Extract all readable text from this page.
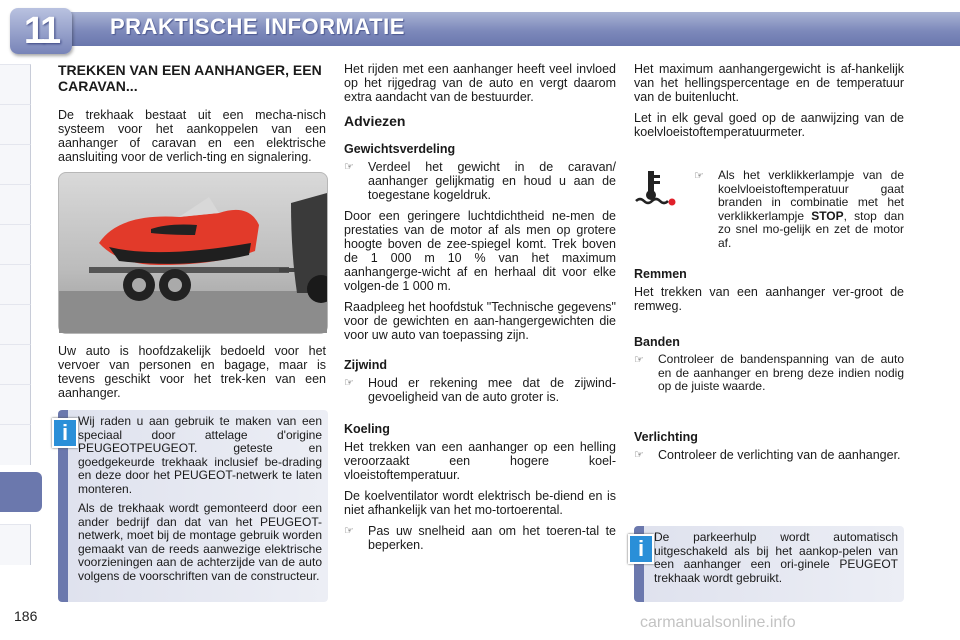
11	PRAKTISCHE INFORMATIE
186
TREKKEN VAN EEN AANHANGER, EEN CARAVAN...

De trekhaak bestaat uit een mecha-nisch systeem voor het aankoppelen van een aanhanger of caravan en een elektrische aansluiting voor de verlich-ting en signalering.

Uw auto is hoofdzakelijk bedoeld voor het vervoer van personen en bagage, maar is tevens geschikt voor het trek-ken van een aanhanger.

Wij raden u aan gebruik te maken van een speciaal door attelage d'origine PEUGEOTPEUGEOT. geteste en goedgekeurde trekhaak inclusief be-drading en deze door het PEUGEOT-netwerk te laten monteren.

Als de trekhaak wordt gemonteerd door een ander bedrijf dan dat van het PEUGEOT-netwerk, moet bij de montage gebruik worden gemaakt van de reeds aanwezige elektrische voorzieningen aan de achterzijde van de auto volgens de voorschriften van de constructeur.

i

Het rijden met een aanhanger heeft veel invloed op het rijgedrag van de auto en vergt daarom extra aandacht van de bestuurder.

Adviezen
Gewichtsverdeling
☞	Verdeel het gewicht in de caravan/ aanhanger gelijkmatig en houd u aan de toegestane kogeldruk.

Door een geringere luchtdichtheid ne-men de prestaties van de motor af als men op grotere hoogte boven de zee-spiegel komt. Trek boven de 1 000 m 10 % van het maximum aanhangerge-wicht af en herhaal dit voor elke volgen-de 1 000 m.

Raadpleeg het hoofdstuk "Technische gegevens" voor de gewichten en aan-hangergewichten die voor uw auto van toepassing zijn.

Zijwind
☞	Houd er rekening mee dat de zijwind-gevoeligheid van de auto groter is.
Koeling

Het trekken van een aanhanger op een helling veroorzaakt een hogere koel-vloeistoftemperatuur.

De koelventilator wordt elektrisch be-diend en is niet afhankelijk van het mo-tortoerental.

☞	Pas uw snelheid aan om het toeren-tal te beperken.

Het maximum aanhangergewicht is af-hankelijk van het hellingspercentage en de temperatuur van de buitenlucht.

Let in elk geval goed op de aanwijzing van de koelvloeistoftemperatuurmeter.

☞	Als het verklikkerlampje van de koelvloeistoftemperatuur gaat branden in combinatie met het verklikkerlampje STOP, stop dan zo snel mo-gelijk en zet de motor af.
Remmen

Het trekken van een aanhanger ver-groot de remweg.

Banden
☞	Controleer de bandenspanning van de auto en de aanhanger en breng deze indien nodig op de juiste waarde.
Verlichting
☞	Controleer de verlichting van de aanhanger.

De parkeerhulp wordt automatisch uitgeschakeld als bij het aankop-pelen van een aanhanger een ori-ginele PEUGEOT trekhaak wordt gebruikt.

i
carmanualsonline.info
